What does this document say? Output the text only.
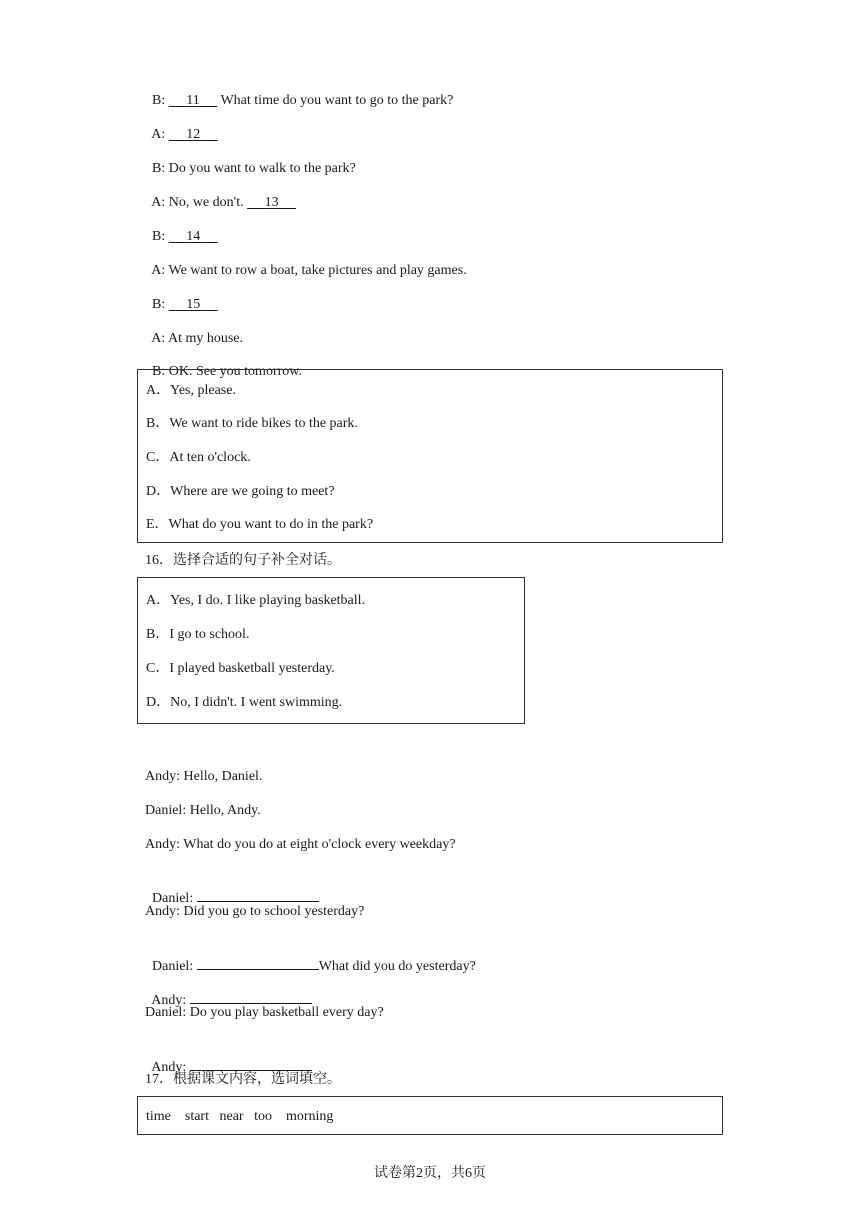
B: 11      What time do you want to go to the park?

A: 12

B: Do you want to walk to the park?

A: No, we don't. 13

B: 14

A: We want to row a boat, take pictures and play games.

B: 15

A: At my house.

B: OK. See you tomorrow.

A．Yes, please.
B．We want to ride bikes to the park.
C．At ten o'clock.
D．Where are we going to meet?
E．What do you want to do in the park?
16．选择合适的句子补全对话。
A．Yes, I do. I like playing basketball.
B．I go to school.
C．I played basketball yesterday.
D．No, I didn't. I went swimming.
Andy: Hello, Daniel.
Daniel: Hello, Andy.
Andy: What do you do at eight o'clock every weekday?

Daniel:

Andy: Did you go to school yesterday?

Daniel:	What did you do yesterday?

Andy:

Daniel: Do you play basketball every day?

Andy:

17．根据课文内容，选词填空。
time    start   near   too    morning
试卷第2页，共6页
